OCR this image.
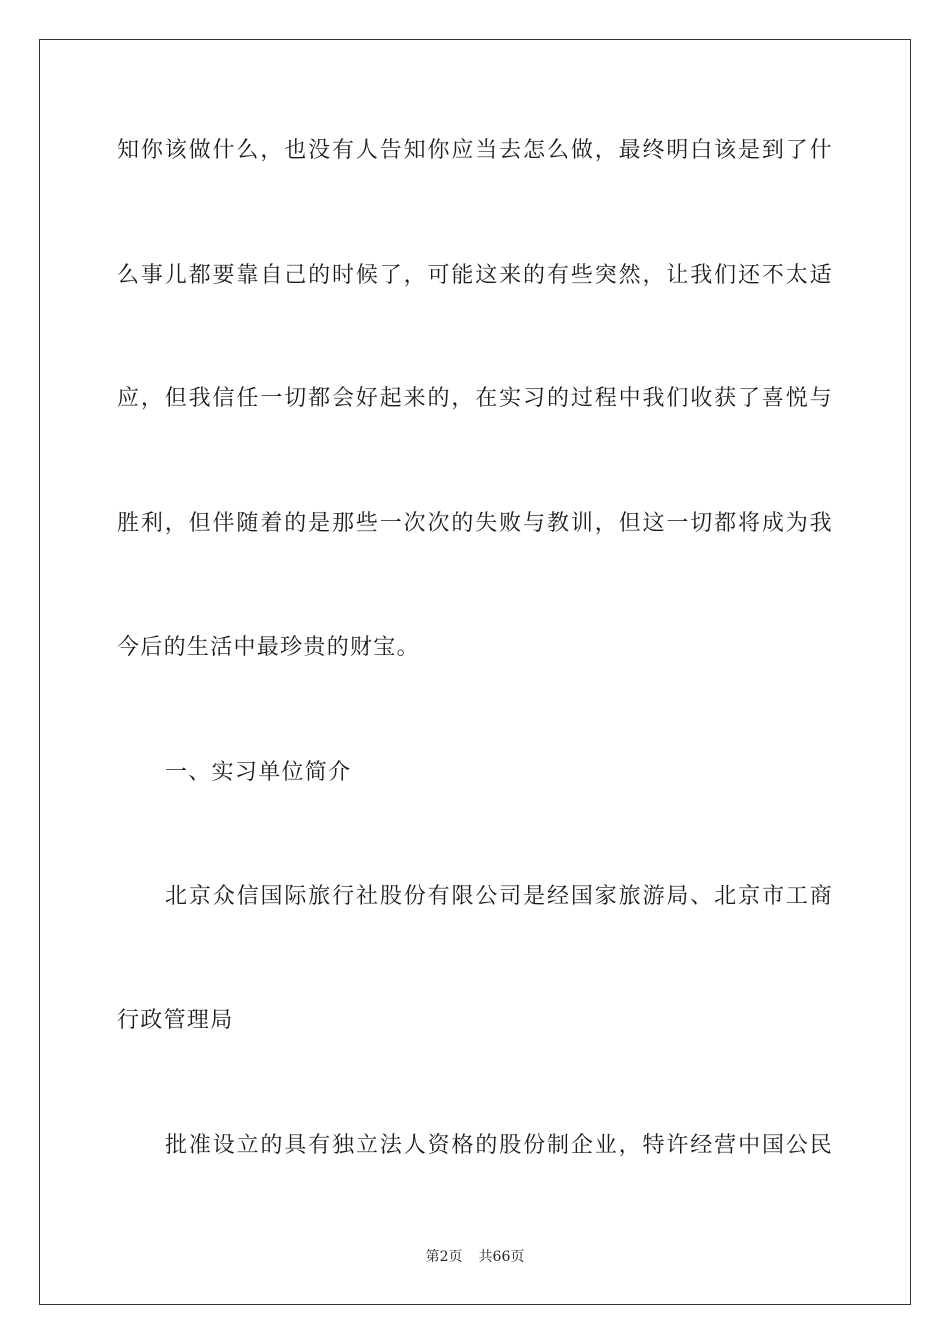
知你该做什么，也没有人告知你应当去怎么做，最终明白该是到了什
么事儿都要靠自己的时候了，可能这来的有些突然，让我们还不太适
应，但我信任一切都会好起来的，在实习的过程中我们收获了喜悦与
胜利，但伴随着的是那些一次次的失败与教训，但这一切都将成为我
今后的生活中最珍贵的财宝。
一、实习单位简介
北京众信国际旅行社股份有限公司是经国家旅游局、北京市工商
行政管理局
批准设立的具有独立法人资格的股份制企业，特许经营中国公民
第2页 共66页
